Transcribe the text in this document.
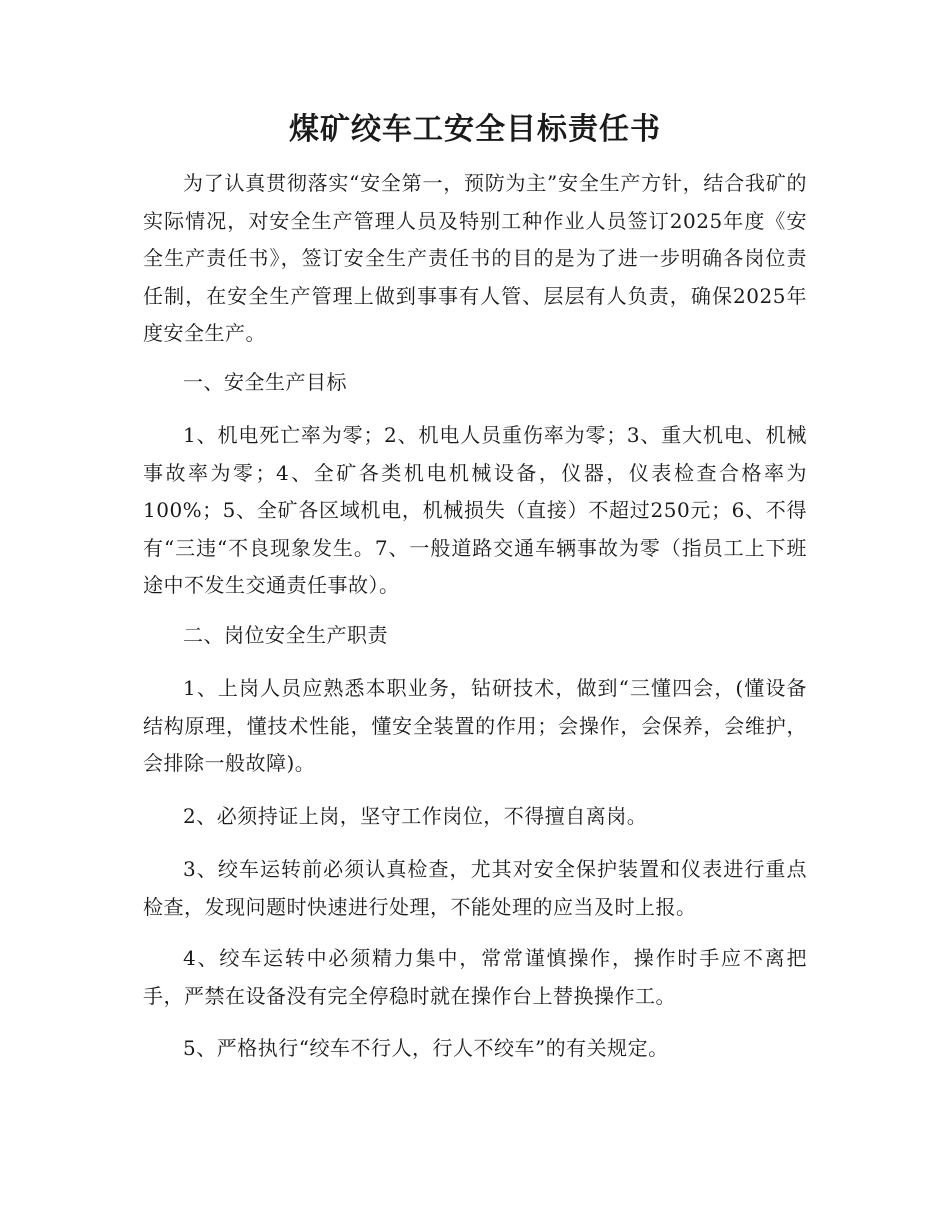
煤矿绞车工安全目标责任书

为了认真贯彻落实“安全第一，预防为主”安全生产方针，结合我矿的实际情况，对安全生产管理人员及特别工种作业人员签订2025年度《安全生产责任书》，签订安全生产责任书的目的是为了进一步明确各岗位责任制，在安全生产管理上做到事事有人管、层层有人负责，确保2025年度安全生产。

一、安全生产目标

1、机电死亡率为零；2、机电人员重伤率为零；3、重大机电、机械事故率为零；4、全矿各类机电机械设备，仪器，仪表检查合格率为100%；5、全矿各区域机电，机械损失（直接）不超过250元；6、不得有“三违“不良现象发生。7、一般道路交通车辆事故为零（指员工上下班途中不发生交通责任事故）。

二、岗位安全生产职责

1、上岗人员应熟悉本职业务，钻研技术，做到“三懂四会，(懂设备结构原理，懂技术性能，懂安全装置的作用；会操作，会保养，会维护，会排除一般故障)。

2、必须持证上岗，坚守工作岗位，不得擅自离岗。

3、绞车运转前必须认真检查，尤其对安全保护装置和仪表进行重点检查，发现问题时快速进行处理，不能处理的应当及时上报。

4、绞车运转中必须精力集中，常常谨慎操作，操作时手应不离把手，严禁在设备没有完全停稳时就在操作台上替换操作工。

5、严格执行“绞车不行人，行人不绞车”的有关规定。
